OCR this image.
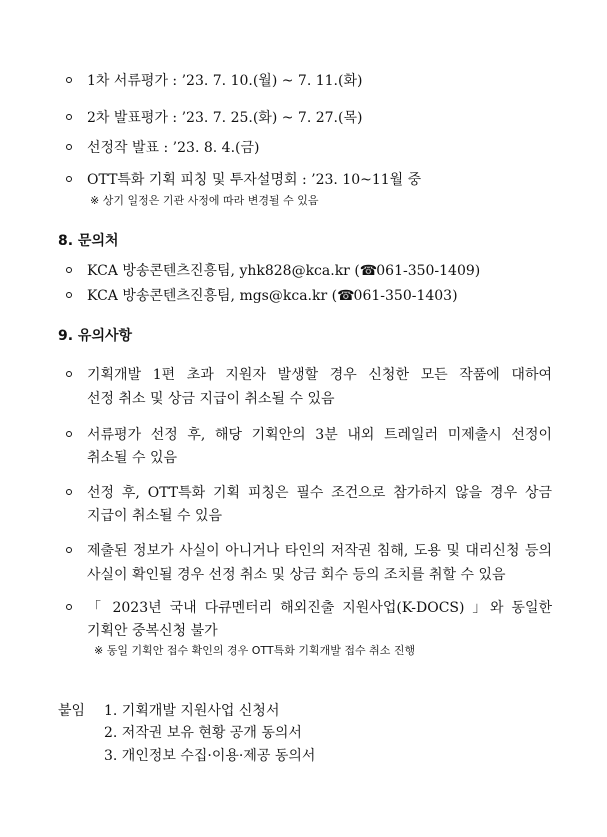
1차 서류평가 : ’23. 7. 10.(월) ~ 7. 11.(화)
2차 발표평가 : ’23. 7. 25.(화) ~ 7. 27.(목)
선정작 발표 : ’23. 8. 4.(금)
OTT특화 기획 피칭 및 투자설명회 : ’23. 10~11월 중
※ 상기 일정은 기관 사정에 따라 변경될 수 있음
8. 문의처
KCA 방송콘텐츠진흥팀, yhk828@kca.kr (☎ 061-350-1409)
KCA 방송콘텐츠진흥팀, mgs@kca.kr (☎ 061-350-1403)
9. 유의사항
기획개발 1편 초과 지원자 발생할 경우 신청한 모든 작품에 대하여
선정 취소 및 상금 지급이 취소될 수 있음
서류평가 선정 후, 해당 기획안의 3분 내외 트레일러 미제출시 선정이
취소될 수 있음
선정 후, OTT특화 기획 피칭은 필수 조건으로 참가하지 않을 경우 상금
지급이 취소될 수 있음
제출된 정보가 사실이 아니거나 타인의 저작권 침해, 도용 및 대리신청 등의
사실이 확인될 경우 선정 취소 및 상금 회수 등의 조치를 취할 수 있음
「 2023년 국내 다큐멘터리 해외진출 지원사업(K-DOCS) 」와 동일한
기획안 중복신청 불가
※ 동일 기획안 접수 확인의 경우 OTT특화 기획개발 접수 취소 진행
붙임 1. 기획개발 지원사업 신청서
2. 저작권 보유 현황 공개 동의서
3. 개인정보 수집·이용·제공 동의서
